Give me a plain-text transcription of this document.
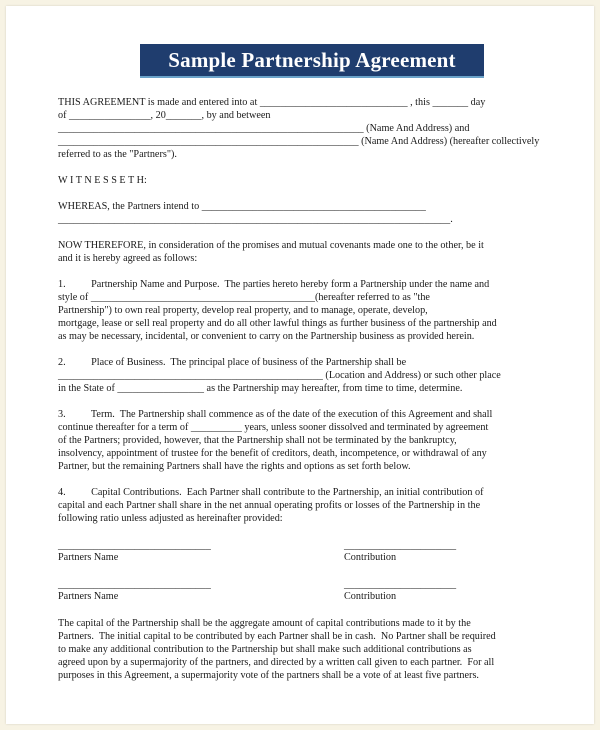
Sample Partnership Agreement
THIS AGREEMENT is made and entered into at _____________________________ , this _______ day
of ________________, 20_______, by and between
____________________________________________________________ (Name And Address) and
___________________________________________________________ (Name And Address) (hereafter collectively
referred to as the "Partners").
W I T N E S S E T H:
WHEREAS, the Partners intend to ____________________________________________
_____________________________________________________________________________.
NOW THEREFORE, in consideration of the promises and mutual covenants made one to the other, be it
and it is hereby agreed as follows:
1.          Partnership Name and Purpose.  The parties hereto hereby form a Partnership under the name and
style of ____________________________________________(hereafter referred to as "the
Partnership") to own real property, develop real property, and to manage, operate, develop,
mortgage, lease or sell real property and do all other lawful things as further business of the partnership and
as may be necessary, incidental, or convenient to carry on the Partnership business as provided herein.
2.          Place of Business.  The principal place of business of the Partnership shall be
____________________________________________________ (Location and Address) or such other place
in the State of _________________ as the Partnership may hereafter, from time to time, determine.
3.          Term.  The Partnership shall commence as of the date of the execution of this Agreement and shall
continue thereafter for a term of __________ years, unless sooner dissolved and terminated by agreement
of the Partners; provided, however, that the Partnership shall not be terminated by the bankruptcy,
insolvency, appointment of trustee for the benefit of creditors, death, incompetence, or withdrawal of any
Partner, but the remaining Partners shall have the rights and options as set forth below.
4.          Capital Contributions.  Each Partner shall contribute to the Partnership, an initial contribution of
capital and each Partner shall share in the net annual operating profits or losses of the Partnership in the
following ratio unless adjusted as hereinafter provided:
______________________________	______________________
Partners Name	Contribution
______________________________	______________________
Partners Name	Contribution
The capital of the Partnership shall be the aggregate amount of capital contributions made to it by the
Partners.  The initial capital to be contributed by each Partner shall be in cash.  No Partner shall be required
to make any additional contribution to the Partnership but shall make such additional contributions as
agreed upon by a supermajority of the partners, and directed by a written call given to each partner.  For all
purposes in this Agreement, a supermajority vote of the partners shall be a vote of at least five partners.
